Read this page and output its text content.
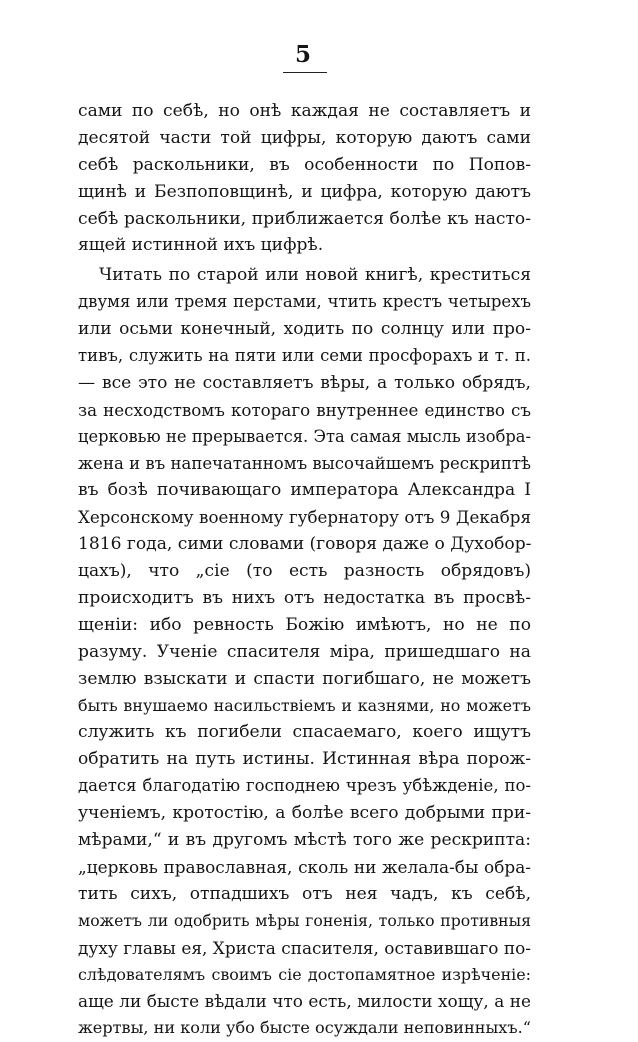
5
сами по себѣ, но онѣ каждая не составляетъ и
десятой части той цифры, которую даютъ сами
себѣ раскольники, въ особенности по Попов-
щинѣ и Безпоповщинѣ, и цифра, которую даютъ
себѣ раскольники, приближается болѣе къ насто-
ящей истинной ихъ цифрѣ.
Читать по старой или новой книгѣ, креститься
двумя или тремя перстами, чтить крестъ четырехъ
или осьми конечный, ходить по солнцу или про-
тивъ, служить на пяти или семи просфорахъ и т. п.
— все это не составляетъ вѣры, а только обрядъ,
за несходствомъ котораго внутреннее единство съ
церковью не прерывается. Эта самая мысль изобра-
жена и въ напечатанномъ высочайшемъ рескриптѣ
въ бозѣ почивающаго императора Александра I
Херсонскому военному губернатору отъ 9 Декабря
1816 года, сими словами (говоря даже о Духобор-
цахъ), что „сіе (то есть разность обрядовъ)
происходитъ въ нихъ отъ недостатка въ просвѣ-
щеніи: ибо ревность Божію имѣютъ, но не по
разуму. Ученіе спасителя міра, пришедшаго на
землю взыскати и спасти погибшаго, не можетъ
быть внушаемо насильствіемъ и казнями, но можетъ
служить къ погибели спасаемаго, коего ищутъ
обратить на путь истины. Истинная вѣра порож-
дается благодатію господнею чрезъ убѣжденіе, по-
ученіемъ, кротостію, а болѣе всего добрыми при-
мѣрами,“ и въ другомъ мѣстѣ того же рескрипта:
„церковь православная, сколь ни желала-бы обра-
тить сихъ, отпадшихъ отъ нея чадъ, къ себѣ,
можетъ ли одобрить мѣры гоненія, только противныя
духу главы ея, Христа спасителя, оставившаго по-
слѣдователямъ своимъ сіе достопамятное изрѣченіе:
аще ли бысте вѣдали что есть, милости хощу, а не
жертвы, ни коли убо бысте осуждали неповинныхъ.“
